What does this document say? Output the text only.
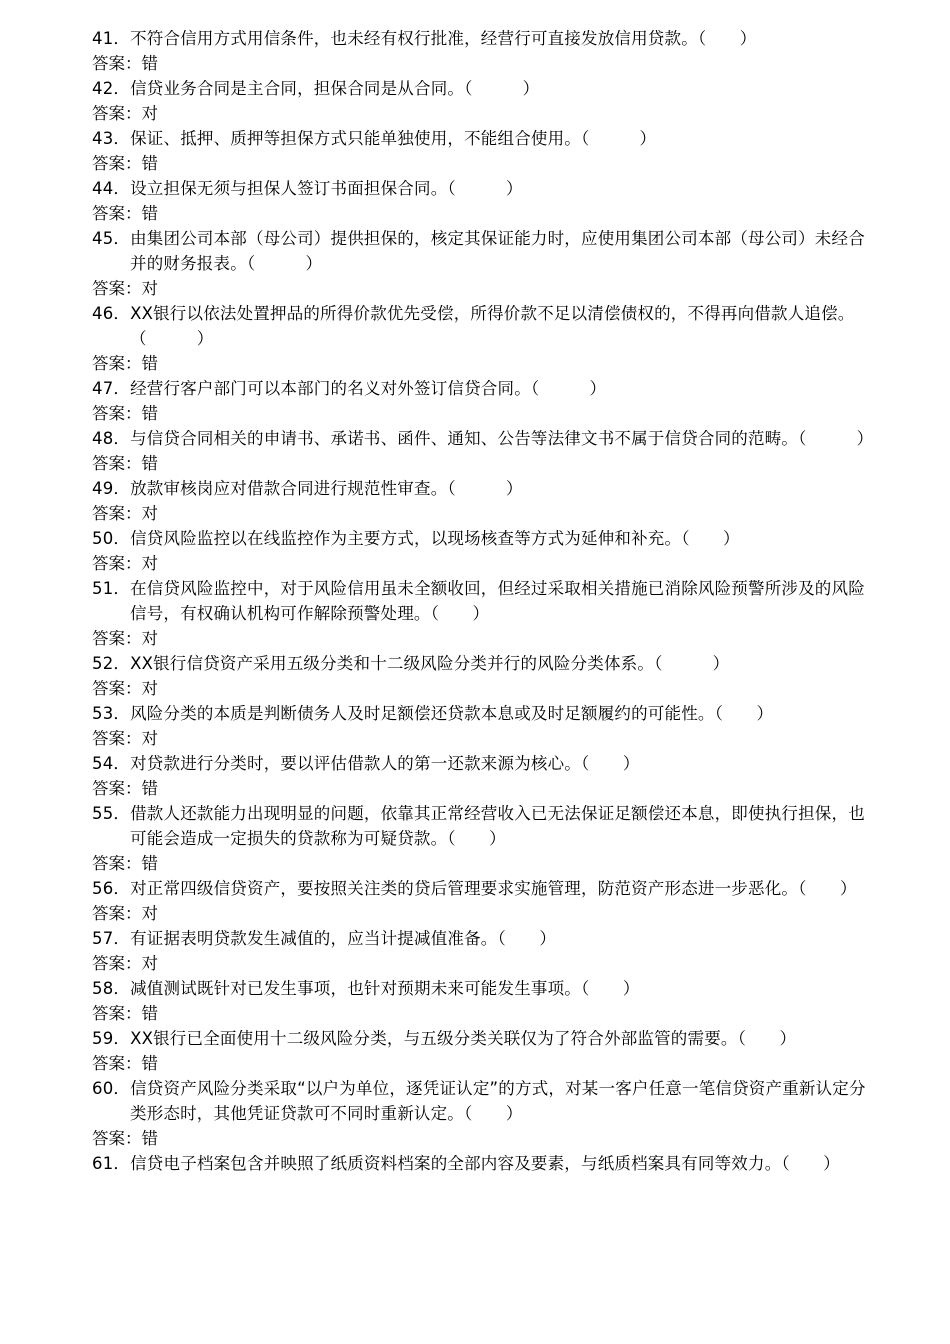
41．不符合信用方式用信条件，也未经有权行批准，经营行可直接发放信用贷款。（　　）
答案：错
42．信贷业务合同是主合同，担保合同是从合同。（　　　）
答案：对
43．保证、抵押、质押等担保方式只能单独使用，不能组合使用。（　　　）
答案：错
44．设立担保无须与担保人签订书面担保合同。（　　　）
答案：错
45．由集团公司本部（母公司）提供担保的，核定其保证能力时，应使用集团公司本部（母公司）未经合并的财务报表。（　　　）
答案：对
46．XX银行以依法处置押品的所得价款优先受偿，所得价款不足以清偿债权的，不得再向借款人追偿。（　　　）
答案：错
47．经营行客户部门可以本部门的名义对外签订信贷合同。（　　　）
答案：错
48．与信贷合同相关的申请书、承诺书、函件、通知、公告等法律文书不属于信贷合同的范畴。（　　　）
答案：错
49．放款审核岗应对借款合同进行规范性审查。（　　　）
答案：对
50．信贷风险监控以在线监控作为主要方式，以现场核查等方式为延伸和补充。（　　）
答案：对
51．在信贷风险监控中，对于风险信用虽未全额收回，但经过采取相关措施已消除风险预警所涉及的风险信号，有权确认机构可作解除预警处理。（　　）
答案：对
52．XX银行信贷资产采用五级分类和十二级风险分类并行的风险分类体系。（　　　）
答案：对
53．风险分类的本质是判断债务人及时足额偿还贷款本息或及时足额履约的可能性。（　　）
答案：对
54．对贷款进行分类时，要以评估借款人的第一还款来源为核心。（　　）
答案：错
55．借款人还款能力出现明显的问题，依靠其正常经营收入已无法保证足额偿还本息，即使执行担保，也可能会造成一定损失的贷款称为可疑贷款。（　　）
答案：错
56．对正常四级信贷资产，要按照关注类的贷后管理要求实施管理，防范资产形态进一步恶化。（　　）
答案：对
57．有证据表明贷款发生减值的，应当计提减值准备。（　　）
答案：对
58．减值测试既针对已发生事项，也针对预期未来可能发生事项。（　　）
答案：错
59．XX银行已全面使用十二级风险分类，与五级分类关联仅为了符合外部监管的需要。（　　）
答案：错
60．信贷资产风险分类采取“以户为单位，逐凭证认定”的方式，对某一客户任意一笔信贷资产重新认定分类形态时，其他凭证贷款可不同时重新认定。（　　）
答案：错
61．信贷电子档案包含并映照了纸质资料档案的全部内容及要素，与纸质档案具有同等效力。（　　）
